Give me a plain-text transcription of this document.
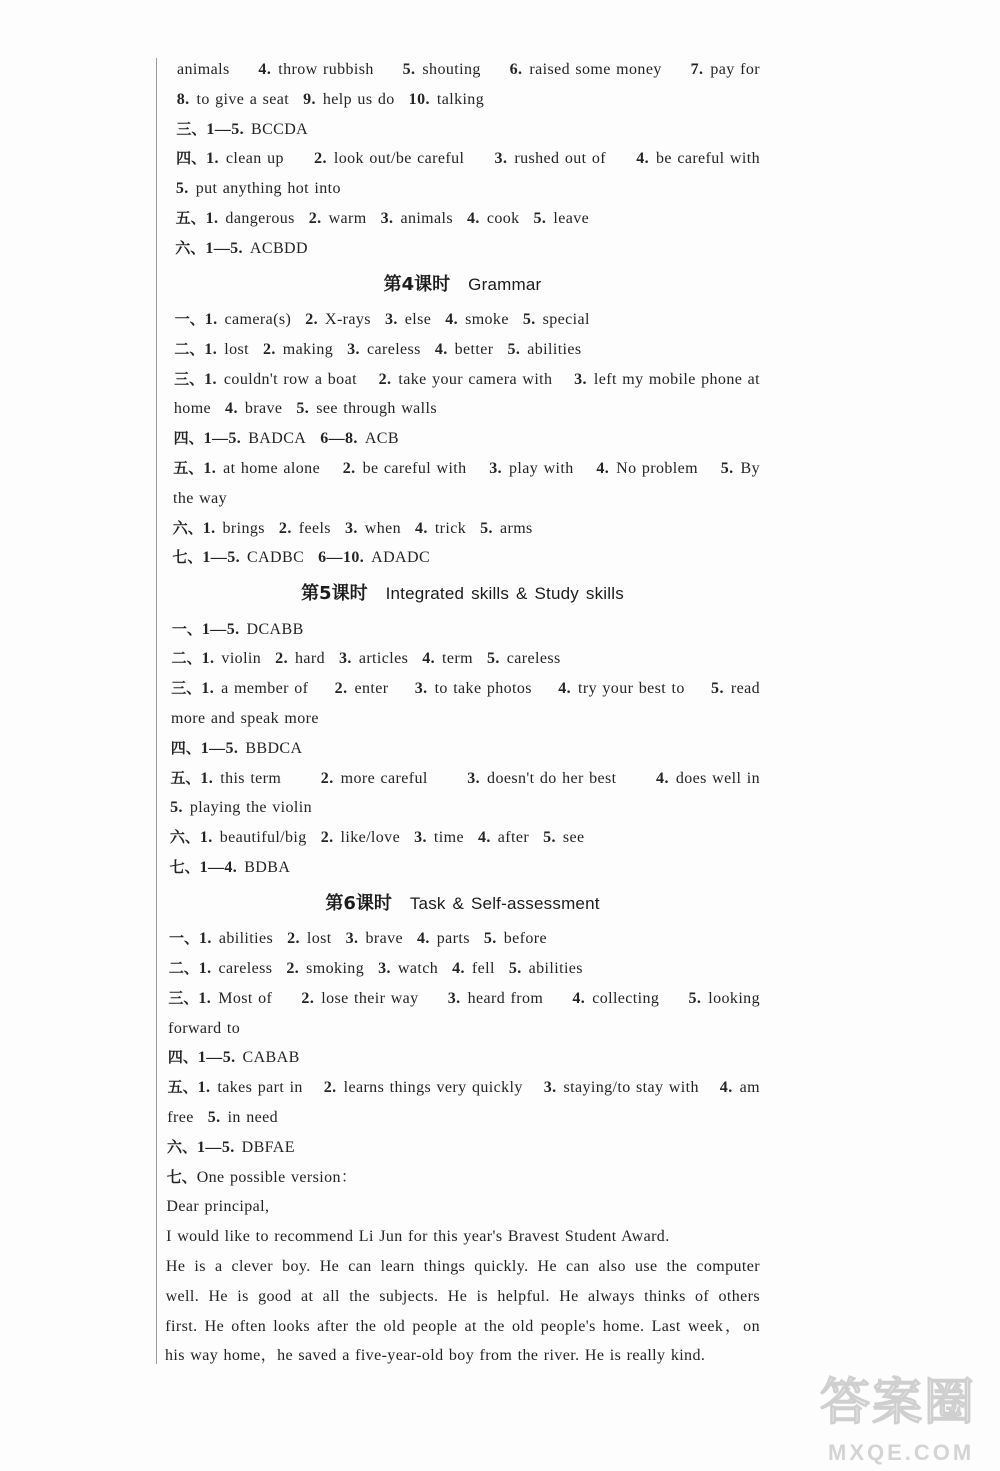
animals 4. throw rubbish 5. shouting 6. raised some money 7. pay for
8. to give a seat 9. help us do 10. talking
三、1—5. BCCDA
四、1. clean up 2. look out/be careful 3. rushed out of 4. be careful with
5. put anything hot into
五、1. dangerous 2. warm 3. animals 4. cook 5. leave
六、1—5. ACBDD
第4课时 Grammar
一、1. camera(s) 2. X-rays 3. else 4. smoke 5. special
二、1. lost 2. making 3. careless 4. better 5. abilities
三、1. couldn't row a boat 2. take your camera with 3. left my mobile phone at
home 4. brave 5. see through walls
四、1—5. BADCA 6—8. ACB
五、1. at home alone 2. be careful with 3. play with 4. No problem 5. By
the way
六、1. brings 2. feels 3. when 4. trick 5. arms
七、1—5. CADBC 6—10. ADADC
第5课时 Integrated skills & Study skills
一、1—5. DCABB
二、1. violin 2. hard 3. articles 4. term 5. careless
三、1. a member of 2. enter 3. to take photos 4. try your best to 5. read
more and speak more
四、1—5. BBDCA
五、1. this term 2. more careful 3. doesn't do her best 4. does well in
5. playing the violin
六、1. beautiful/big 2. like/love 3. time 4. after 5. see
七、1—4. BDBA
第6课时 Task & Self-assessment
一、1. abilities 2. lost 3. brave 4. parts 5. before
二、1. careless 2. smoking 3. watch 4. fell 5. abilities
三、1. Most of 2. lose their way 3. heard from 4. collecting 5. looking
forward to
四、1—5. CABAB
五、1. takes part in 2. learns things very quickly 3. staying/to stay with 4. am
free 5. in need
六、1—5. DBFAE
七、One possible version：
Dear principal,
I would like to recommend Li Jun for this year's Bravest Student Award.
He is a clever boy. He can learn things quickly. He can also use the computer
well. He is good at all the subjects. He is helpful. He always thinks of others
first. He often looks after the old people at the old people's home. Last week，on
his way home，he saved a five-year-old boy from the river. He is really kind.
答案圈
MXQE.COM
